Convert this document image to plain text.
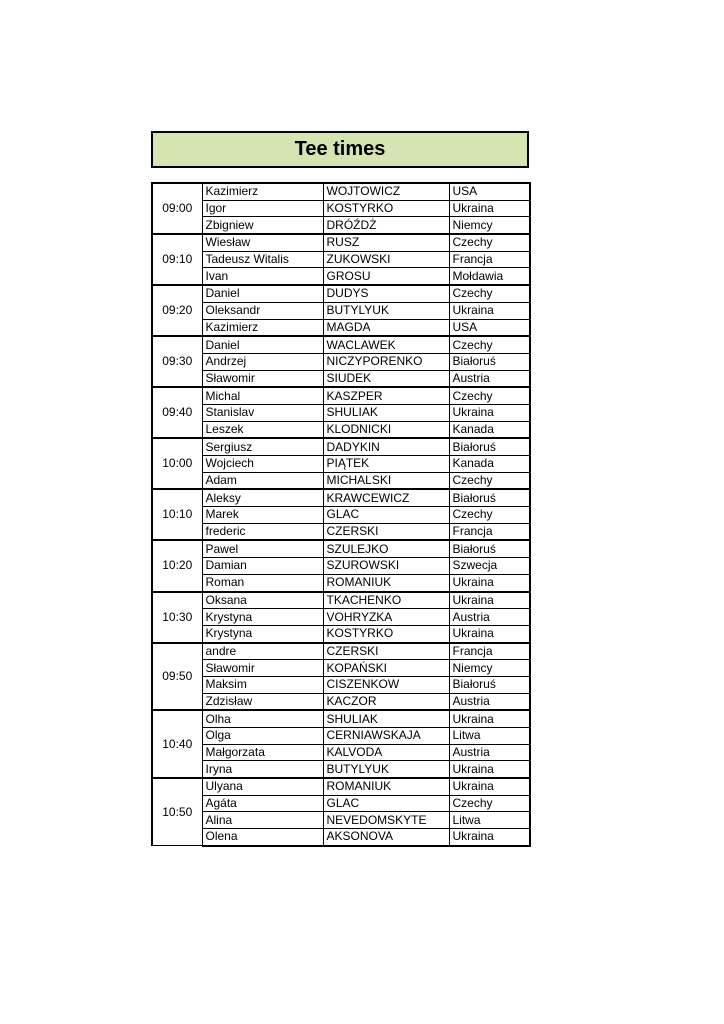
Tee times
09:00	Kazimierz	WOJTOWICZ	USA
	Igor	KOSTYRKO	Ukraina
	Zbigniew	DRÓŹDŻ	Niemcy
09:10	Wiesław	RUSZ	Czechy
	Tadeusz Witalis	ZUKOWSKI	Francja
	Ivan	GROSU	Mołdawia
09:20	Daniel	DUDYS	Czechy
	Oleksandr	BUTYLYUK	Ukraina
	Kazimierz	MAGDA	USA
09:30	Daniel	WACLAWEK	Czechy
	Andrzej	NICZYPORENKO	Białoruś
	Sławomir	SIUDEK	Austria
09:40	Michal	KASZPER	Czechy
	Stanislav	SHULIAK	Ukraina
	Leszek	KLODNICKI	Kanada
10:00	Sergiusz	DADYKIN	Białoruś
	Wojciech	PIĄTEK	Kanada
	Adam	MICHALSKI	Czechy
10:10	Aleksy	KRAWCEWICZ	Białoruś
	Marek	GLAC	Czechy
	frederic	CZERSKI	Francja
10:20	Pawel	SZULEJKO	Białoruś
	Damian	SZUROWSKI	Szwecja
	Roman	ROMANIUK	Ukraina
10:30	Oksana	TKACHENKO	Ukraina
	Krystyna	VOHRYZKA	Austria
	Krystyna	KOSTYRKO	Ukraina
09:50	andre	CZERSKI	Francja
	Sławomir	KOPAŃSKI	Niemcy
	Maksim	CISZENKOW	Białoruś
	Zdzisław	KACZOR	Austria
10:40	Olha	SHULIAK	Ukraina
	Olga	CERNIAWSKAJA	Litwa
	Małgorzata	KALVODA	Austria
	Iryna	BUTYLYUK	Ukraina
10:50	Ulyana	ROMANIUK	Ukraina
	Agáta	GLAC	Czechy
	Alina	NEVEDOMSKYTE	Litwa
	Olena	AKSONOVA	Ukraina
